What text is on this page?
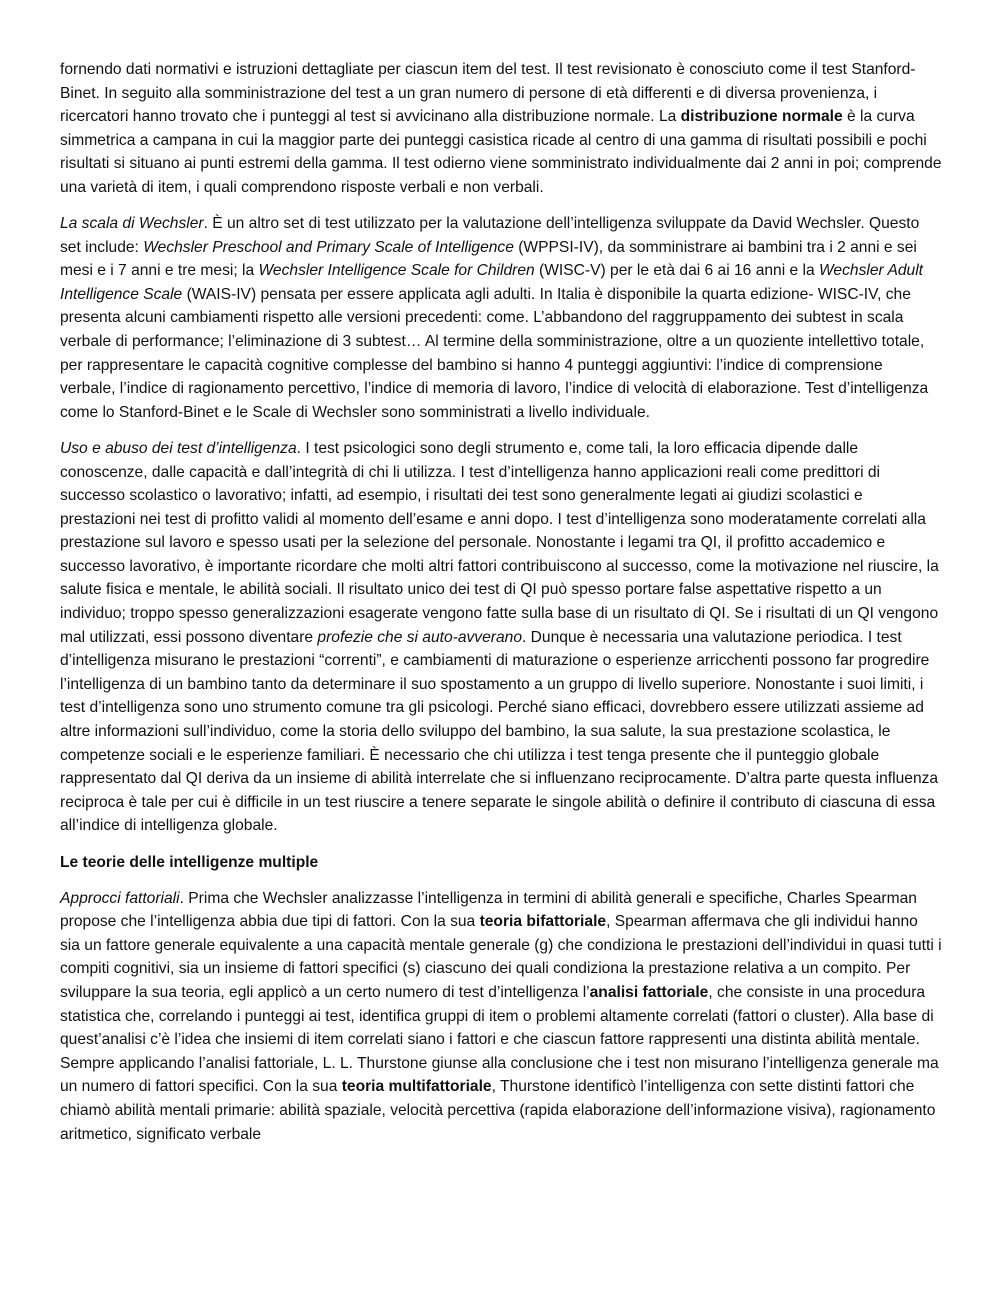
fornendo dati normativi e istruzioni dettagliate per ciascun item del test. Il test revisionato è conosciuto come il test Stanford-Binet. In seguito alla somministrazione del test a un gran numero di persone di età differenti e di diversa provenienza, i ricercatori hanno trovato che i punteggi al test si avvicinano alla distribuzione normale. La distribuzione normale è la curva simmetrica a campana in cui la maggior parte dei punteggi casistica ricade al centro di una gamma di risultati possibili e pochi risultati si situano ai punti estremi della gamma. Il test odierno viene somministrato individualmente dai 2 anni in poi; comprende una varietà di item, i quali comprendono risposte verbali e non verbali.

La scala di Wechsler. È un altro set di test utilizzato per la valutazione dell’intelligenza sviluppate da David Wechsler. Questo set include: Wechsler Preschool and Primary Scale of Intelligence (WPPSI-IV), da somministrare ai bambini tra i 2 anni e sei mesi e i 7 anni e tre mesi; la Wechsler Intelligence Scale for Children (WISC-V) per le età dai 6 ai 16 anni e la Wechsler Adult Intelligence Scale (WAIS-IV) pensata per essere applicata agli adulti. In Italia è disponibile la quarta edizione- WISC-IV, che presenta alcuni cambiamenti rispetto alle versioni precedenti: come. L’abbandono del raggruppamento dei subtest in scala verbale di performance; l’eliminazione di 3 subtest… Al termine della somministrazione, oltre a un quoziente intellettivo totale, per rappresentare le capacità cognitive complesse del bambino si hanno 4 punteggi aggiuntivi: l’indice di comprensione verbale, l’indice di ragionamento percettivo, l’indice di memoria di lavoro, l’indice di velocità di elaborazione. Test d’intelligenza come lo Stanford-Binet e le Scale di Wechsler sono somministrati a livello individuale.

Uso e abuso dei test d’intelligenza. I test psicologici sono degli strumento e, come tali, la loro efficacia dipende dalle conoscenze, dalle capacità e dall’integrità di chi li utilizza. I test d’intelligenza hanno applicazioni reali come predittori di successo scolastico o lavorativo; infatti, ad esempio, i risultati dei test sono generalmente legati ai giudizi scolastici e prestazioni nei test di profitto validi al momento dell’esame e anni dopo. I test d’intelligenza sono moderatamente correlati alla prestazione sul lavoro e spesso usati per la selezione del personale. Nonostante i legami tra QI, il profitto accademico e successo lavorativo, è importante ricordare che molti altri fattori contribuiscono al successo, come la motivazione nel riuscire, la salute fisica e mentale, le abilità sociali. Il risultato unico dei test di QI può spesso portare false aspettative rispetto a un individuo; troppo spesso generalizzazioni esagerate vengono fatte sulla base di un risultato di QI. Se i risultati di un QI vengono mal utilizzati, essi possono diventare profezie che si auto-avverano. Dunque è necessaria una valutazione periodica. I test d’intelligenza misurano le prestazioni “correnti”, e cambiamenti di maturazione o esperienze arricchenti possono far progredire l’intelligenza di un bambino tanto da determinare il suo spostamento a un gruppo di livello superiore. Nonostante i suoi limiti, i test d’intelligenza sono uno strumento comune tra gli psicologi. Perché siano efficaci, dovrebbero essere utilizzati assieme ad altre informazioni sull’individuo, come la storia dello sviluppo del bambino, la sua salute, la sua prestazione scolastica, le competenze sociali e le esperienze familiari. È necessario che chi utilizza i test tenga presente che il punteggio globale rappresentato dal QI deriva da un insieme di abilità interrelate che si influenzano reciprocamente. D’altra parte questa influenza reciproca è tale per cui è difficile in un test riuscire a tenere separate le singole abilità o definire il contributo di ciascuna di essa all’indice di intelligenza globale.

Le teorie delle intelligenze multiple

Approcci fattoriali. Prima che Wechsler analizzasse l’intelligenza in termini di abilità generali e specifiche, Charles Spearman propose che l’intelligenza abbia due tipi di fattori. Con la sua teoria bifattoriale, Spearman affermava che gli individui hanno sia un fattore generale equivalente a una capacità mentale generale (g) che condiziona le prestazioni dell’individui in quasi tutti i compiti cognitivi, sia un insieme di fattori specifici (s) ciascuno dei quali condiziona la prestazione relativa a un compito. Per sviluppare la sua teoria, egli applicò a un certo numero di test d’intelligenza l’analisi fattoriale, che consiste in una procedura statistica che, correlando i punteggi ai test, identifica gruppi di item o problemi altamente correlati (fattori o cluster). Alla base di quest’analisi c’è l’idea che insiemi di item correlati siano i fattori e che ciascun fattore rappresenti una distinta abilità mentale. Sempre applicando l’analisi fattoriale, L. L. Thurstone giunse alla conclusione che i test non misurano l’intelligenza generale ma un numero di fattori specifici. Con la sua teoria multifattoriale, Thurstone identificò l’intelligenza con sette distinti fattori che chiamò abilità mentali primarie: abilità spaziale, velocità percettiva (rapida elaborazione dell’informazione visiva), ragionamento aritmetico, significato verbale
